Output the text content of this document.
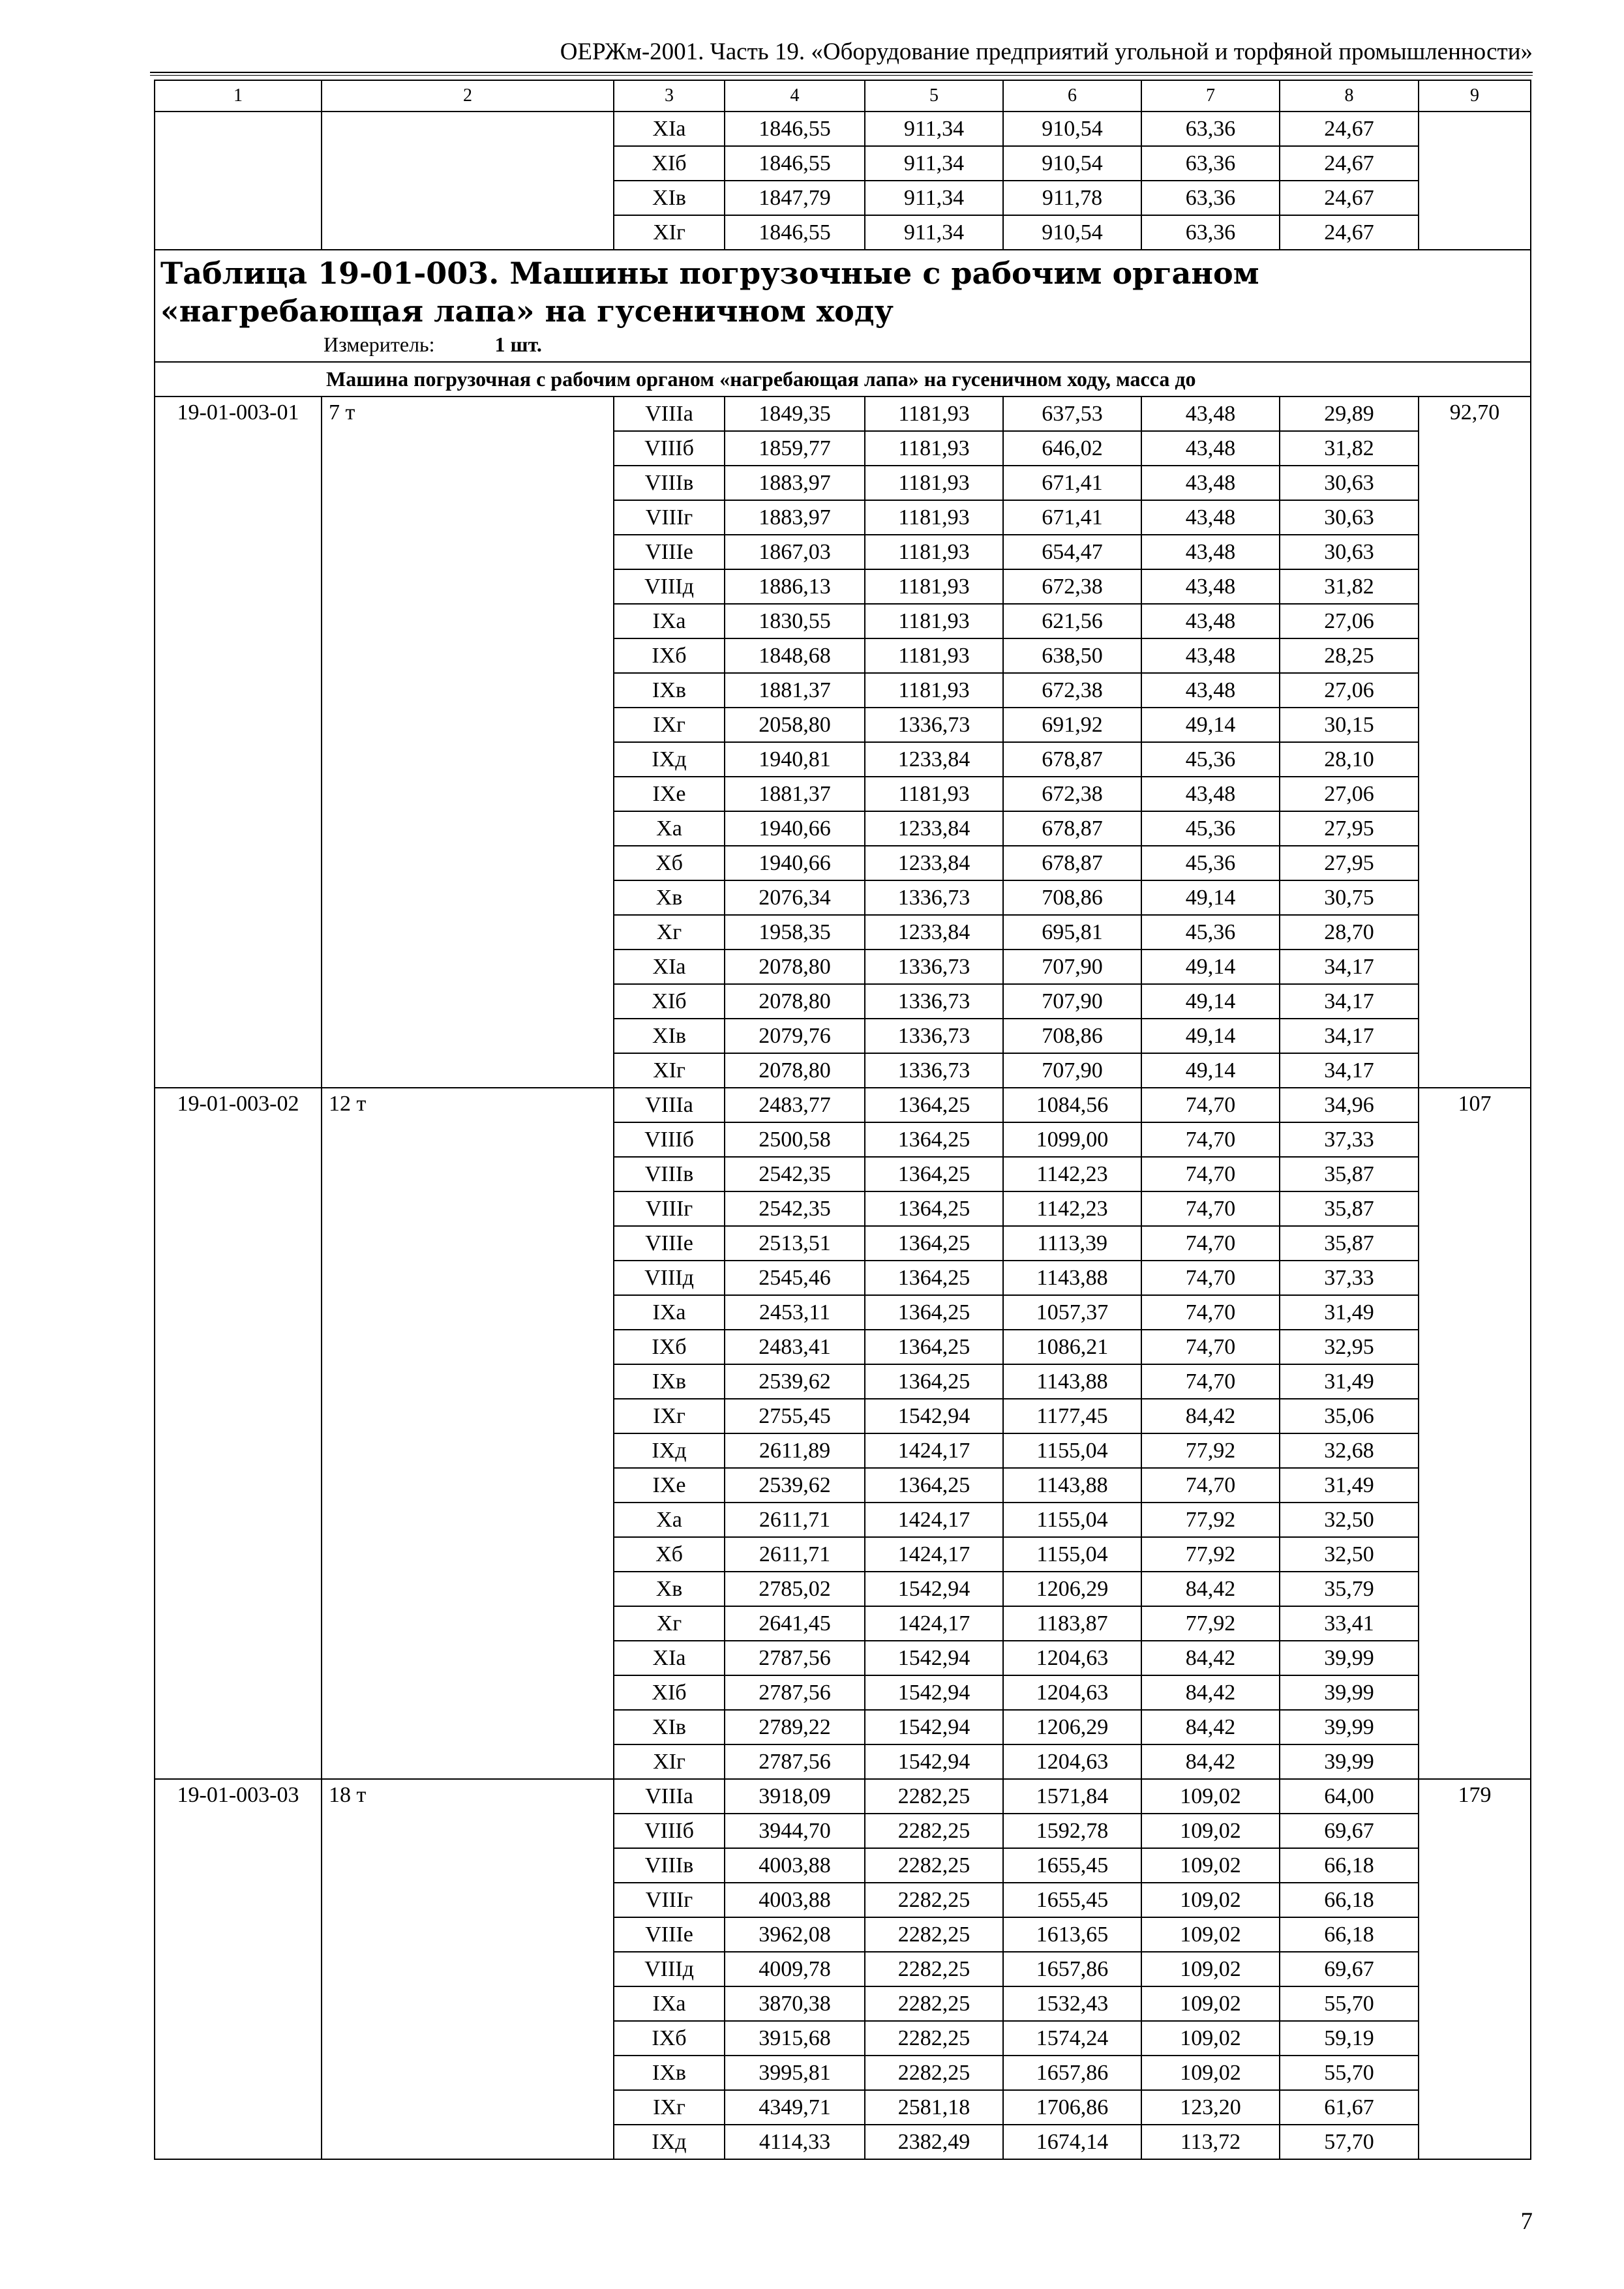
ОЕРЖм-2001. Часть 19. «Оборудование предприятий угольной и торфяной промышленности»
1	2	3	4	5	6	7	8	9
		XIa	1846,55	911,34	910,54	63,36	24,67	
		XIб	1846,55	911,34	910,54	63,36	24,67	
		XIв	1847,79	911,34	911,78	63,36	24,67	
		XIг	1846,55	911,34	910,54	63,36	24,67	

Таблица 19-01-003. Машины погрузочные с рабочим органом «нагребающая лапа» на гусеничном ходу
Измеритель: 1 шт.								

Машина погрузочная с рабочим органом «нагребающая лапа» на гусеничном ходу, масса до								
19-01-003-01	7 т	VIIIa	1849,35	1181,93	637,53	43,48	29,89	92,70
		VIIIб	1859,77	1181,93	646,02	43,48	31,82	
		VIIIв	1883,97	1181,93	671,41	43,48	30,63	
		VIIIг	1883,97	1181,93	671,41	43,48	30,63	
		VIIIe	1867,03	1181,93	654,47	43,48	30,63	
		VIIIд	1886,13	1181,93	672,38	43,48	31,82	
		IXa	1830,55	1181,93	621,56	43,48	27,06	
		IXб	1848,68	1181,93	638,50	43,48	28,25	
		IXв	1881,37	1181,93	672,38	43,48	27,06	
		IXг	2058,80	1336,73	691,92	49,14	30,15	
		IXд	1940,81	1233,84	678,87	45,36	28,10	
		IXe	1881,37	1181,93	672,38	43,48	27,06	
		Xa	1940,66	1233,84	678,87	45,36	27,95	
		Xб	1940,66	1233,84	678,87	45,36	27,95	
		Xв	2076,34	1336,73	708,86	49,14	30,75	
		Xг	1958,35	1233,84	695,81	45,36	28,70	
		XIa	2078,80	1336,73	707,90	49,14	34,17	
		XIб	2078,80	1336,73	707,90	49,14	34,17	
		XIв	2079,76	1336,73	708,86	49,14	34,17	
		XIг	2078,80	1336,73	707,90	49,14	34,17	
19-01-003-02	12 т	VIIIa	2483,77	1364,25	1084,56	74,70	34,96	107
		VIIIб	2500,58	1364,25	1099,00	74,70	37,33	
		VIIIв	2542,35	1364,25	1142,23	74,70	35,87	
		VIIIг	2542,35	1364,25	1142,23	74,70	35,87	
		VIIIe	2513,51	1364,25	1113,39	74,70	35,87	
		VIIIд	2545,46	1364,25	1143,88	74,70	37,33	
		IXa	2453,11	1364,25	1057,37	74,70	31,49	
		IXб	2483,41	1364,25	1086,21	74,70	32,95	
		IXв	2539,62	1364,25	1143,88	74,70	31,49	
		IXг	2755,45	1542,94	1177,45	84,42	35,06	
		IXд	2611,89	1424,17	1155,04	77,92	32,68	
		IXe	2539,62	1364,25	1143,88	74,70	31,49	
		Xa	2611,71	1424,17	1155,04	77,92	32,50	
		Xб	2611,71	1424,17	1155,04	77,92	32,50	
		Xв	2785,02	1542,94	1206,29	84,42	35,79	
		Xг	2641,45	1424,17	1183,87	77,92	33,41	
		XIa	2787,56	1542,94	1204,63	84,42	39,99	
		XIб	2787,56	1542,94	1204,63	84,42	39,99	
		XIв	2789,22	1542,94	1206,29	84,42	39,99	
		XIг	2787,56	1542,94	1204,63	84,42	39,99	
19-01-003-03	18 т	VIIIa	3918,09	2282,25	1571,84	109,02	64,00	179
		VIIIб	3944,70	2282,25	1592,78	109,02	69,67	
		VIIIв	4003,88	2282,25	1655,45	109,02	66,18	
		VIIIг	4003,88	2282,25	1655,45	109,02	66,18	
		VIIIe	3962,08	2282,25	1613,65	109,02	66,18	
		VIIIд	4009,78	2282,25	1657,86	109,02	69,67	
		IXa	3870,38	2282,25	1532,43	109,02	55,70	
		IXб	3915,68	2282,25	1574,24	109,02	59,19	
		IXв	3995,81	2282,25	1657,86	109,02	55,70	
		IXг	4349,71	2581,18	1706,86	123,20	61,67	
		IXд	4114,33	2382,49	1674,14	113,72	57,70	
7
